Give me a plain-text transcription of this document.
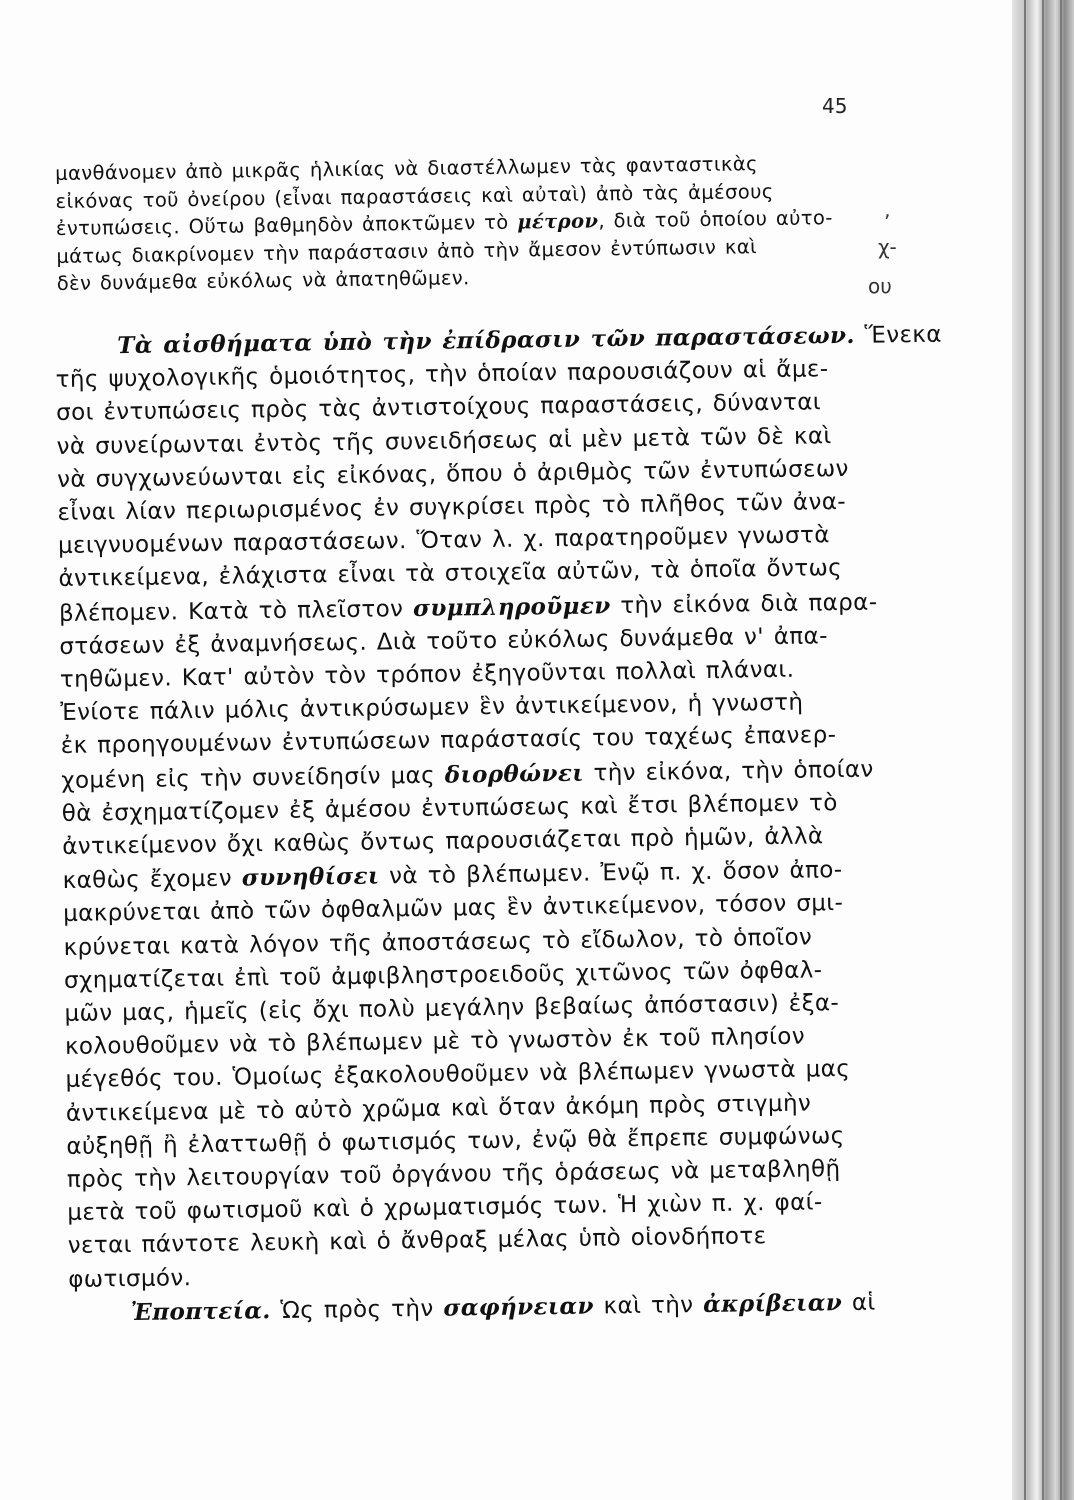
45
ʼ
χ-
ου
μανθάνομεν ἀπὸ μικρᾶς ἡλικίας νὰ διαστέλλωμεν τὰς φανταστικὰς
εἰκόνας τοῦ ὀνείρου (εἶναι παραστάσεις καὶ αὐταὶ) ἀπὸ τὰς ἀμέσους
ἐντυπώσεις. Οὕτω βαθμηδὸν ἀποκτῶμεν τὸ μέτρον, διὰ τοῦ ὁποίου αὐτο-
μάτως διακρίνομεν τὴν παράστασιν ἀπὸ τὴν ἄμεσον ἐντύπωσιν καὶ
δὲν δυνάμεθα εὐκόλως νὰ ἀπατηθῶμεν.
Τὰ αἰσθήματα ὑπὸ τὴν ἐπίδρασιν τῶν παραστάσεων. Ἕνεκα
τῆς ψυχολογικῆς ὁμοιότητος, τὴν ὁποίαν παρουσιάζουν αἱ ἄμε-
σοι ἐντυπώσεις πρὸς τὰς ἀντιστοίχους παραστάσεις, δύνανται
νὰ συνείρωνται ἐντὸς τῆς συνειδήσεως αἱ μὲν μετὰ τῶν δὲ καὶ
νὰ συγχωνεύωνται εἰς εἰκόνας, ὅπου ὁ ἀριθμὸς τῶν ἐντυπώσεων
εἶναι λίαν περιωρισμένος ἐν συγκρίσει πρὸς τὸ πλῆθος τῶν ἀνα-
μειγνυομένων παραστάσεων. Ὅταν λ. χ. παρατηροῦμεν γνωστὰ
ἀντικείμενα, ἐλάχιστα εἶναι τὰ στοιχεῖα αὐτῶν, τὰ ὁποῖα ὄντως
βλέπομεν. Κατὰ τὸ πλεῖστον συμπληροῦμεν τὴν εἰκόνα διὰ παρα-
στάσεων ἐξ ἀναμνήσεως. Διὰ τοῦτο εὐκόλως δυνάμεθα ν' ἀπα-
τηθῶμεν. Κατ' αὐτὸν τὸν τρόπον ἐξηγοῦνται πολλαὶ πλάναι.
Ἐνίοτε πάλιν μόλις ἀντικρύσωμεν ἓν ἀντικείμενον, ἡ γνωστὴ
ἐκ προηγουμένων ἐντυπώσεων παράστασίς του ταχέως ἐπανερ-
χομένη εἰς τὴν συνείδησίν μας διορθώνει τὴν εἰκόνα, τὴν ὁποίαν
θὰ ἐσχηματίζομεν ἐξ ἀμέσου ἐντυπώσεως καὶ ἔτσι βλέπομεν τὸ
ἀντικείμενον ὄχι καθὼς ὄντως παρουσιάζεται πρὸ ἡμῶν, ἀλλὰ
καθὼς ἔχομεν συνηθίσει νὰ τὸ βλέπωμεν. Ἐνῷ π. χ. ὅσον ἀπο-
μακρύνεται ἀπὸ τῶν ὀφθαλμῶν μας ἓν ἀντικείμενον, τόσον σμι-
κρύνεται κατὰ λόγον τῆς ἀποστάσεως τὸ εἴδωλον, τὸ ὁποῖον
σχηματίζεται ἐπὶ τοῦ ἀμφιβληστροειδοῦς χιτῶνος τῶν ὀφθαλ-
μῶν μας, ἡμεῖς (εἰς ὄχι πολὺ μεγάλην βεβαίως ἀπόστασιν) ἐξα-
κολουθοῦμεν νὰ τὸ βλέπωμεν μὲ τὸ γνωστὸν ἐκ τοῦ πλησίον
μέγεθός του. Ὁμοίως ἐξακολουθοῦμεν νὰ βλέπωμεν γνωστὰ μας
ἀντικείμενα μὲ τὸ αὐτὸ χρῶμα καὶ ὅταν ἀκόμη πρὸς στιγμὴν
αὐξηθῇ ἢ ἐλαττωθῇ ὁ φωτισμός των, ἐνῷ θὰ ἔπρεπε συμφώνως
πρὸς τὴν λειτουργίαν τοῦ ὀργάνου τῆς ὁράσεως νὰ μεταβληθῇ
μετὰ τοῦ φωτισμοῦ καὶ ὁ χρωματισμός των. Ἡ χιὼν π. χ. φαί-
νεται πάντοτε λευκὴ καὶ ὁ ἄνθραξ μέλας ὑπὸ οἱονδήποτε
φωτισμόν.
Ἐποπτεία. Ὡς πρὸς τὴν σαφήνειαν καὶ τὴν ἀκρίβειαν αἱ
